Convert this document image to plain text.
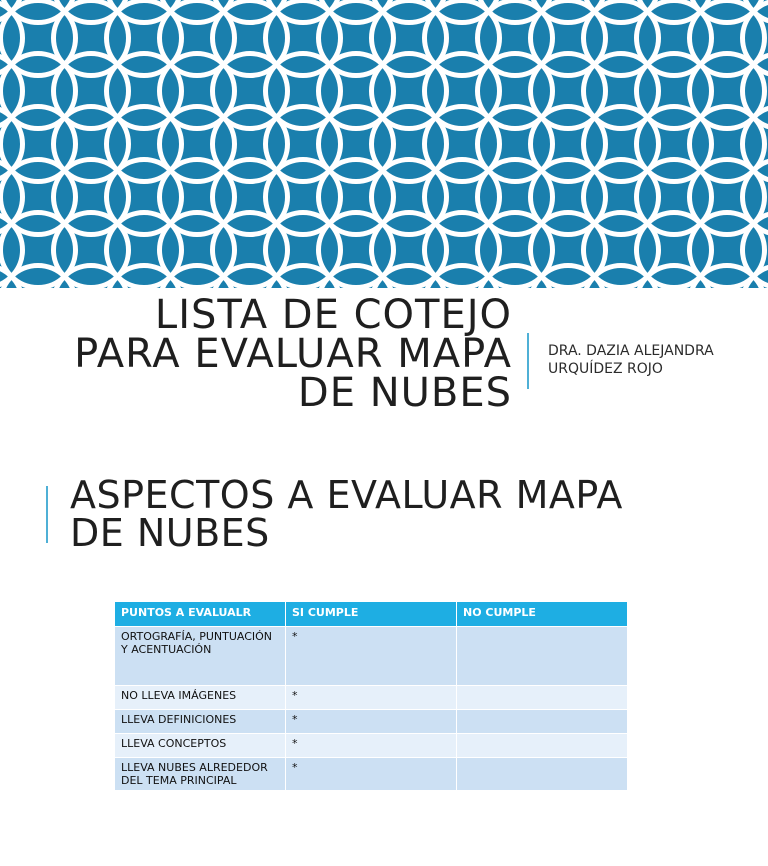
LISTA DE COTEJO
PARA EVALUAR MAPA
DE NUBES
DRA. DAZIA ALEJANDRA
URQUÍDEZ ROJO
ASPECTOS A EVALUAR MAPA
DE NUBES
PUNTOS A EVALUALR	SI CUMPLE	NO CUMPLE
ORTOGRAFÍA, PUNTUACIÓN Y ACENTUACIÓN	*	
NO LLEVA IMÁGENES	*	
LLEVA DEFINICIONES	*	
LLEVA CONCEPTOS	*	
LLEVA NUBES ALREDEDOR DEL TEMA PRINCIPAL	*	
